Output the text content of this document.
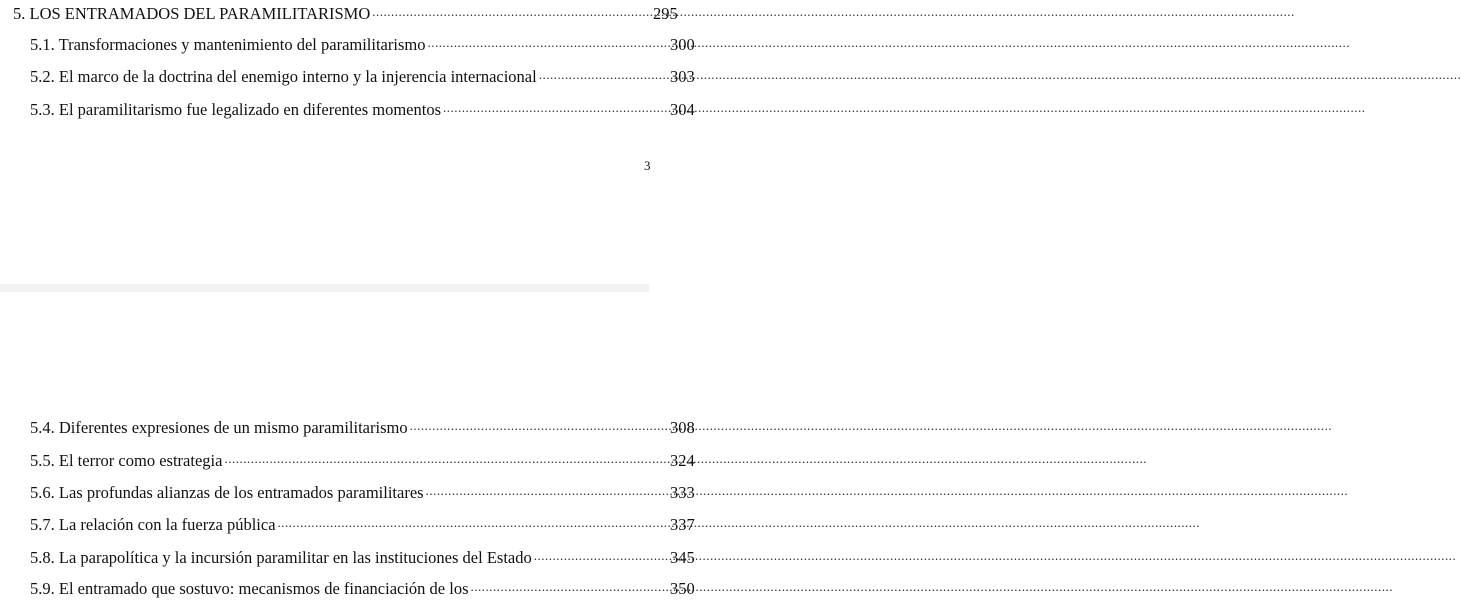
5. LOS ENTRAMADOS DEL PARAMILITARISMO .....	295
5.1. Transformaciones y mantenimiento del paramilitarismo .....	300
5.2. El marco de la doctrina del enemigo interno y la injerencia internacional .....	303
5.3. El paramilitarismo fue legalizado en diferentes momentos .....	304
3
5.4. Diferentes expresiones de un mismo paramilitarismo .....	308
5.5. El terror como estrategia .....	324
5.6. Las profundas alianzas de los entramados paramilitares .....	333
5.7. La relación con la fuerza pública .....	337
5.8. La parapolítica y la incursión paramilitar en las instituciones del Estado .....	345
5.9. El entramado que sostuvo: mecanismos de financiación de los .....	350
